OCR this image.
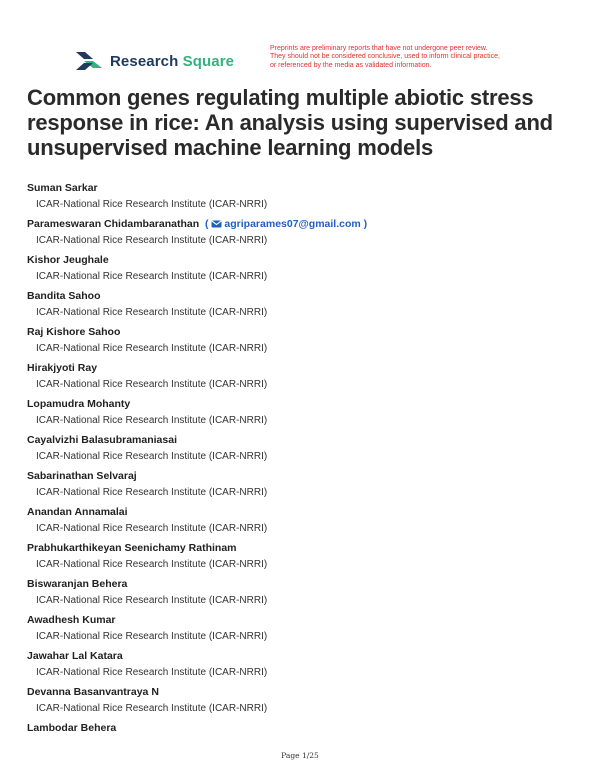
Research Square
Preprints are preliminary reports that have not undergone peer review.
They should not be considered conclusive, used to inform clinical practice,
or referenced by the media as validated information.
Common genes regulating multiple abiotic stress response in rice: An analysis using supervised and unsupervised machine learning models
Suman Sarkar
ICAR-National Rice Research Institute (ICAR-NRRI)
Parameswaran Chidambaranathan ( agriparames07@gmail.com )
ICAR-National Rice Research Institute (ICAR-NRRI)
Kishor Jeughale
ICAR-National Rice Research Institute (ICAR-NRRI)
Bandita Sahoo
ICAR-National Rice Research Institute (ICAR-NRRI)
Raj Kishore Sahoo
ICAR-National Rice Research Institute (ICAR-NRRI)
Hirakjyoti Ray
ICAR-National Rice Research Institute (ICAR-NRRI)
Lopamudra Mohanty
ICAR-National Rice Research Institute (ICAR-NRRI)
Cayalvizhi Balasubramaniasai
ICAR-National Rice Research Institute (ICAR-NRRI)
Sabarinathan Selvaraj
ICAR-National Rice Research Institute (ICAR-NRRI)
Anandan Annamalai
ICAR-National Rice Research Institute (ICAR-NRRI)
Prabhukarthikeyan Seenichamy Rathinam
ICAR-National Rice Research Institute (ICAR-NRRI)
Biswaranjan Behera
ICAR-National Rice Research Institute (ICAR-NRRI)
Awadhesh Kumar
ICAR-National Rice Research Institute (ICAR-NRRI)
Jawahar Lal Katara
ICAR-National Rice Research Institute (ICAR-NRRI)
Devanna Basanvantraya N
ICAR-National Rice Research Institute (ICAR-NRRI)
Lambodar Behera
Page 1/25
